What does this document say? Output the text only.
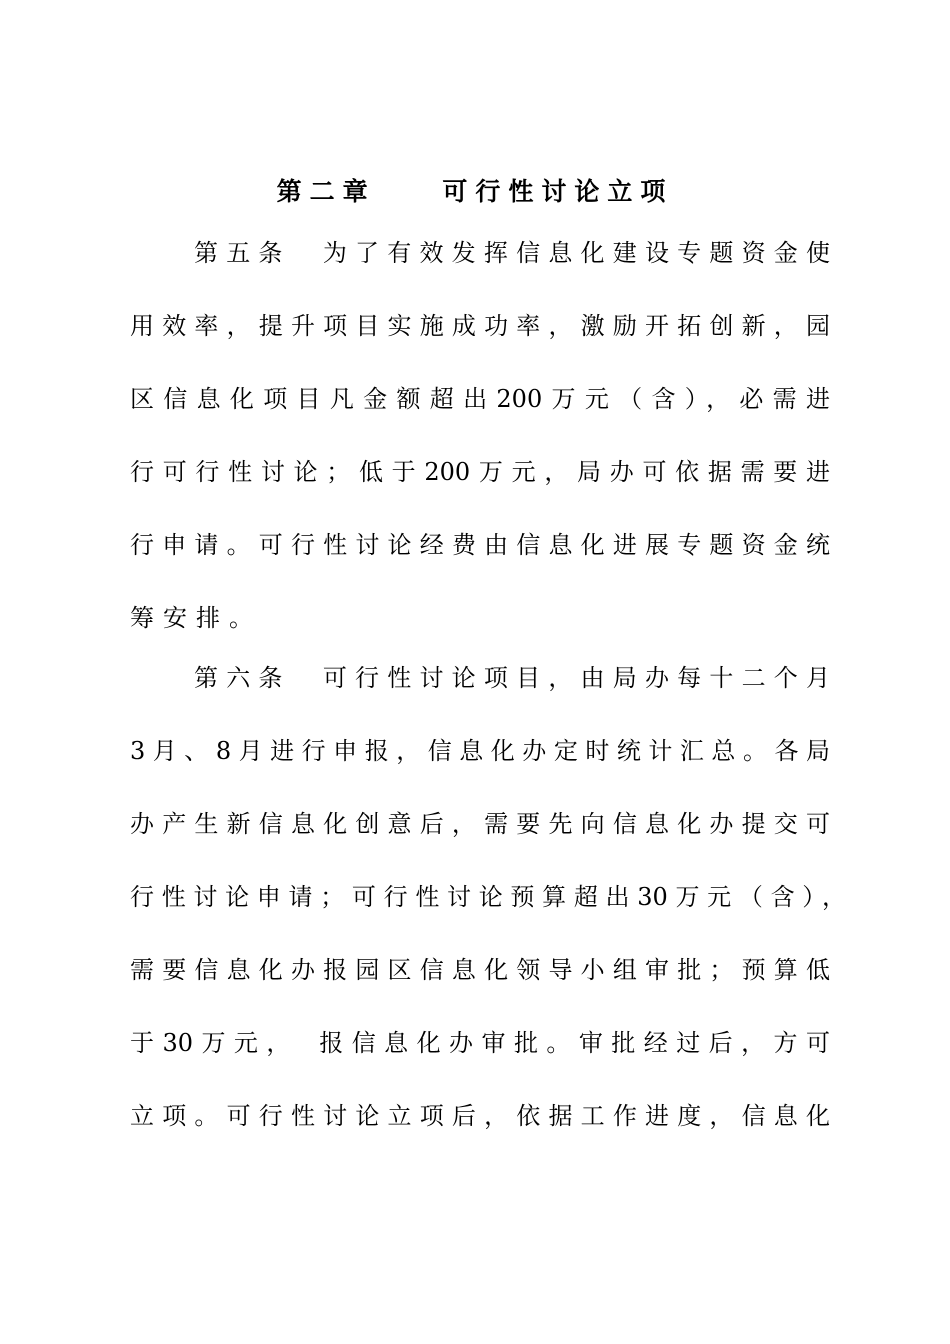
第二章    可行性讨论立项
第五条　为了有效发挥信息化建设专题资金使
用效率，提升项目实施成功率，激励开拓创新，园
区信息化项目凡金额超出200万元（含），必需进
行可行性讨论；低于200万元，局办可依据需要进
行申请。可行性讨论经费由信息化进展专题资金统
筹安排。
第六条　可行性讨论项目，由局办每十二个月
3月、8月进行申报，信息化办定时统计汇总。各局
办产生新信息化创意后，需要先向信息化办提交可
行性讨论申请；可行性讨论预算超出30万元（含），
需要信息化办报园区信息化领导小组审批；预算低
于30万元，　报信息化办审批。审批经过后，方可
立项。可行性讨论立项后，依据工作进度，信息化
